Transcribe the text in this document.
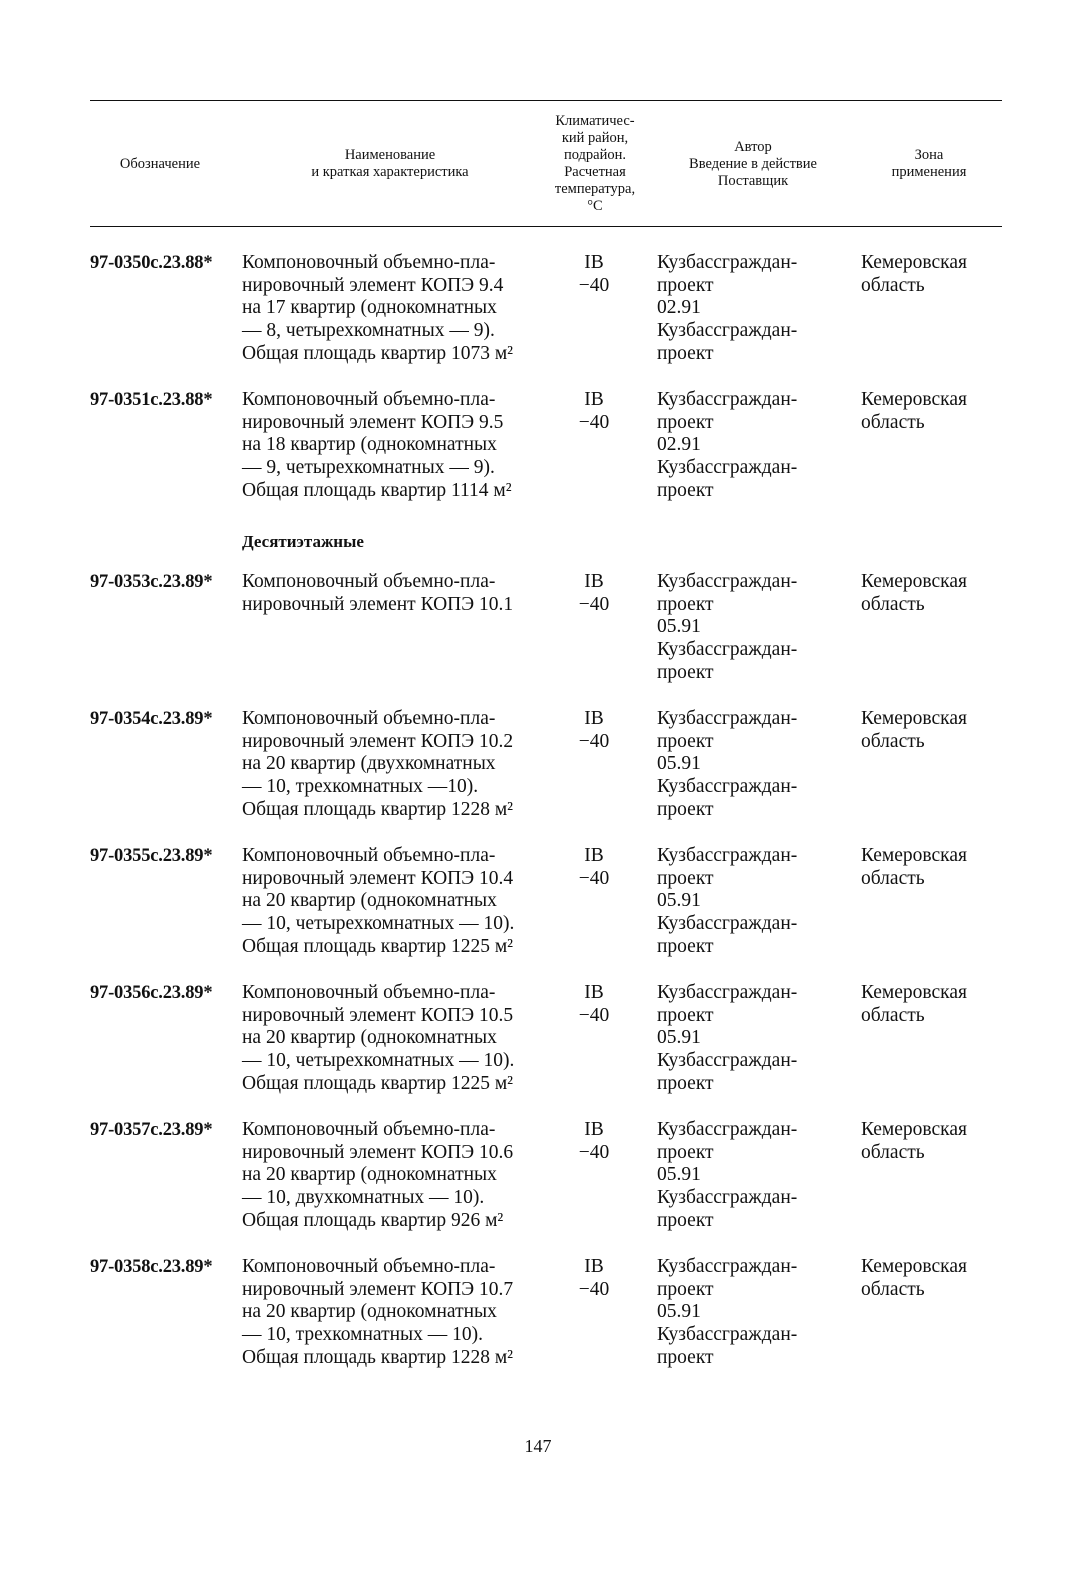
Обозначение
Наименование
и краткая характеристика
Климатичес-
кий район,
подрайон.
Расчетная
температура,
°С
Автор
Введение в действие
Поставщик
Зона
применения
97-0350с.23.88* Компоновочный объемно-пла-
нировочный элемент КОПЭ 9.4
на 17 квартир (однокомнатных
— 8, четырехкомнатных — 9).
Общая площадь квартир 1073 м²
IB
−40
Кузбассграждан-
проект
02.91
Кузбассграждан-
проект
Кемеровская
область
97-0351с.23.88* Компоновочный объемно-пла-
нировочный элемент КОПЭ 9.5
на 18 квартир (однокомнатных
— 9, четырехкомнатных — 9).
Общая площадь квартир 1114 м²
IB
−40
Кузбассграждан-
проект
02.91
Кузбассграждан-
проект
Кемеровская
область
Десятиэтажные
97-0353с.23.89* Компоновочный объемно-пла-
нировочный элемент КОПЭ 10.1
IB
−40
Кузбассграждан-
проект
05.91
Кузбассграждан-
проект
Кемеровская
область
97-0354с.23.89* Компоновочный объемно-пла-
нировочный элемент КОПЭ 10.2
на 20 квартир (двухкомнатных
— 10, трехкомнатных —10).
Общая площадь квартир 1228 м²
IB
−40
Кузбассграждан-
проект
05.91
Кузбассграждан-
проект
Кемеровская
область
97-0355с.23.89* Компоновочный объемно-пла-
нировочный элемент КОПЭ 10.4
на 20 квартир (однокомнатных
— 10, четырехкомнатных — 10).
Общая площадь квартир 1225 м²
IB
−40
Кузбассграждан-
проект
05.91
Кузбассграждан-
проект
Кемеровская
область
97-0356с.23.89* Компоновочный объемно-пла-
нировочный элемент КОПЭ 10.5
на 20 квартир (однокомнатных
— 10, четырехкомнатных — 10).
Общая площадь квартир 1225 м²
IB
−40
Кузбассграждан-
проект
05.91
Кузбассграждан-
проект
Кемеровская
область
97-0357с.23.89* Компоновочный объемно-пла-
нировочный элемент КОПЭ 10.6
на 20 квартир (однокомнатных
— 10, двухкомнатных — 10).
Общая площадь квартир 926 м²
IB
−40
Кузбассграждан-
проект
05.91
Кузбассграждан-
проект
Кемеровская
область
97-0358с.23.89* Компоновочный объемно-пла-
нировочный элемент КОПЭ 10.7
на 20 квартир (однокомнатных
— 10, трехкомнатных — 10).
Общая площадь квартир 1228 м²
IB
−40
Кузбассграждан-
проект
05.91
Кузбассграждан-
проект
Кемеровская
область
147
